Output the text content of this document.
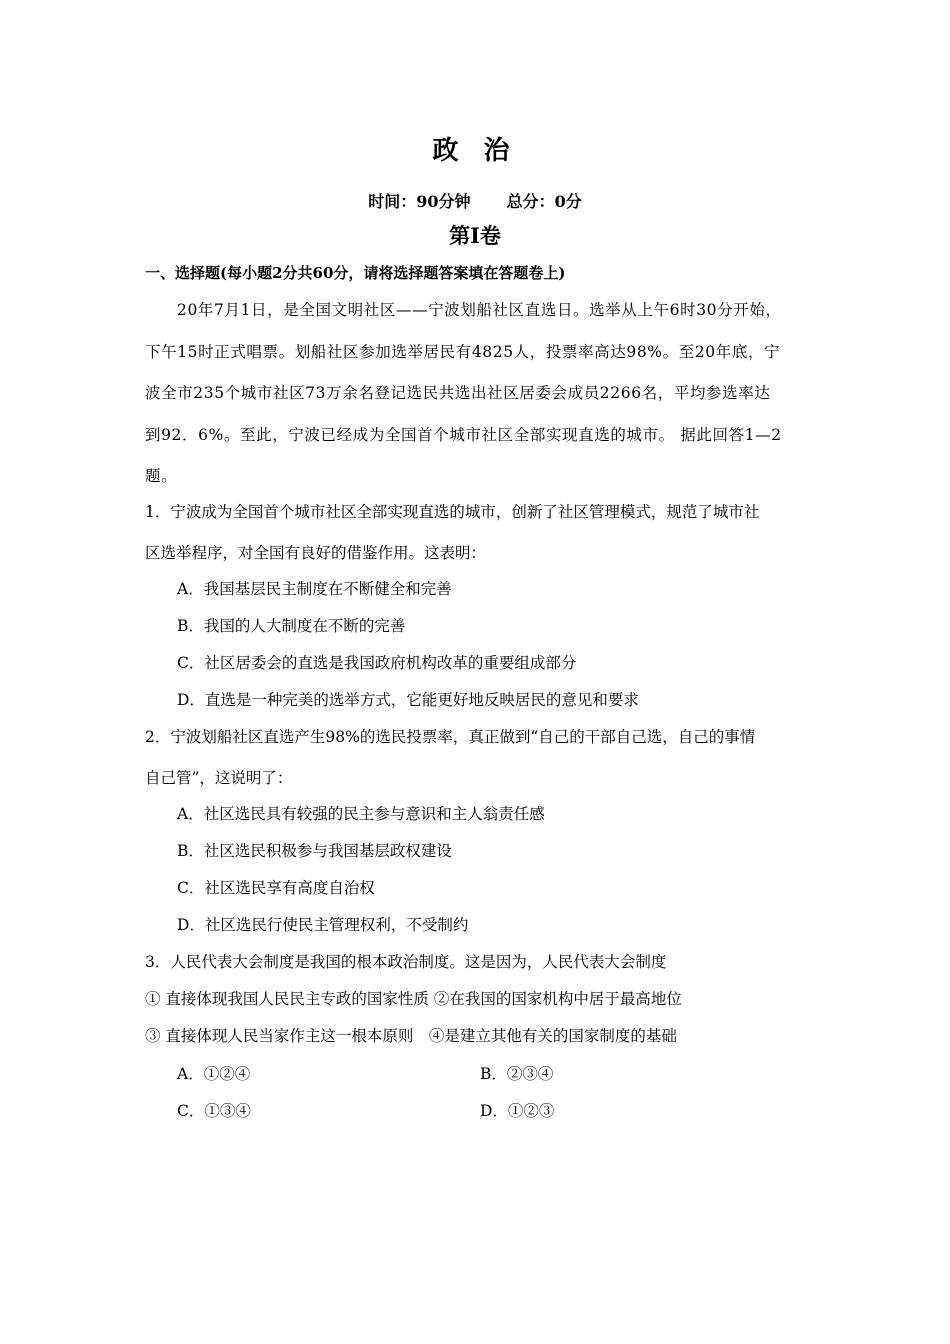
政 治
时间：90分钟 总分：0分
第I卷
一、选择题(每小题2分共60分，请将选择题答案填在答题卷上)
20年7月1日，是全国文明社区——宁波划船社区直选日。选举从上午6时30分开始，
下午15时正式唱票。划船社区参加选举居民有4825人，投票率高达98%。至20年底，宁
波全市235个城市社区73万余名登记选民共选出社区居委会成员2266名，平均参选率达
到92．6%。至此，宁波已经成为全国首个城市社区全部实现直选的城市。 据此回答1—2
题。
1．宁波成为全国首个城市社区全部实现直选的城市，创新了社区管理模式，规范了城市社
区选举程序，对全国有良好的借鉴作用。这表明：
A．我国基层民主制度在不断健全和完善
B．我国的人大制度在不断的完善
C．社区居委会的直选是我国政府机构改革的重要组成部分
D．直选是一种完美的选举方式，它能更好地反映居民的意见和要求
2．宁波划船社区直选产生98%的选民投票率，真正做到“自己的干部自己选，自己的事情
自己管”，这说明了：
A．社区选民具有较强的民主参与意识和主人翁责任感
B．社区选民积极参与我国基层政权建设
C．社区选民享有高度自治权
D．社区选民行使民主管理权利，不受制约
3．人民代表大会制度是我国的根本政治制度。这是因为，人民代表大会制度
① 直接体现我国人民民主专政的国家性质 ②在我国的国家机构中居于最高地位
③ 直接体现人民当家作主这一根本原则　④是建立其他有关的国家制度的基础
A．①②④	B．②③④
C．①③④	D．①②③
